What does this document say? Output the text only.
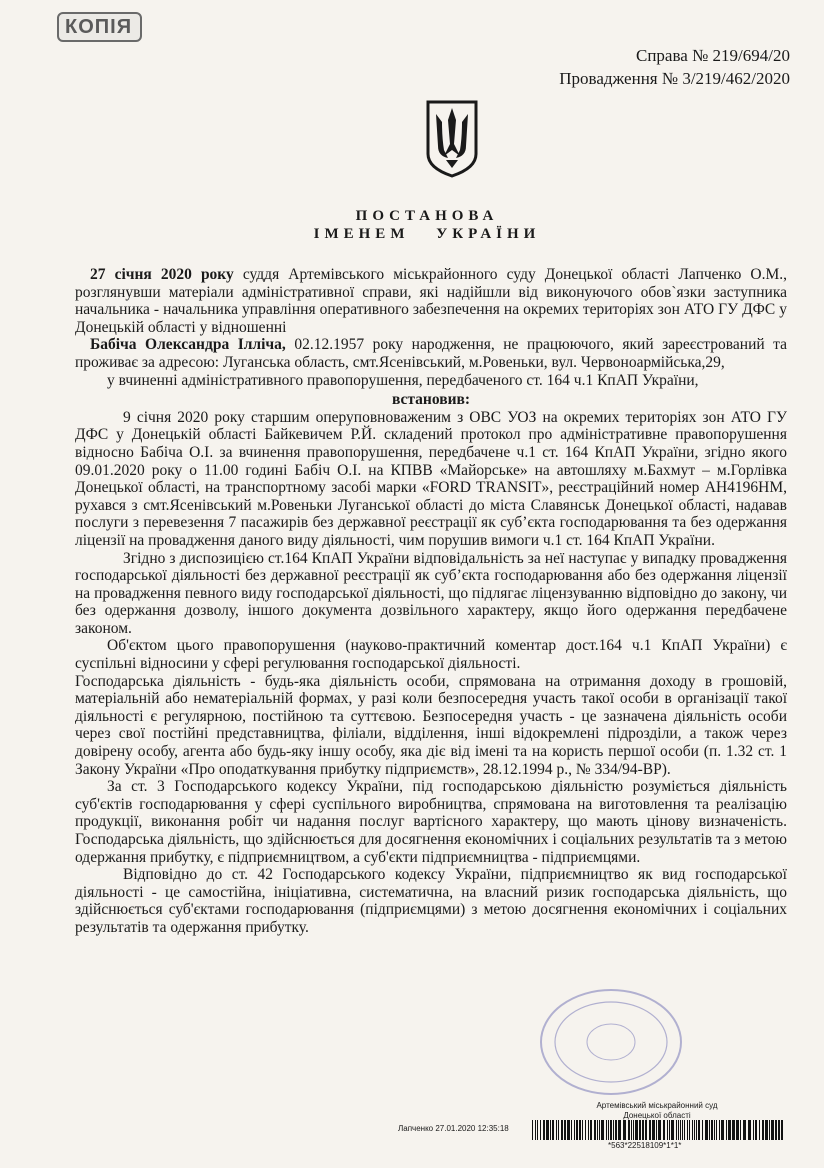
КОПІЯ
Справа № 219/694/20
Провадження № 3/219/462/2020
ПОСТАНОВА
ІМЕНЕМ УКРАЇНИ

27 січня 2020 року суддя Артемівського міськрайонного суду Донецької області Лапченко О.М., розглянувши матеріали адміністративної справи, які надійшли від виконуючого обов`язки заступника начальника - начальника управління оперативного забезпечення на окремих територіях зон АТО ГУ ДФС у Донецькій області у відношенні

Бабіча Олександра Ілліча, 02.12.1957 року народження, не працюючого, який зареєстрований та проживає за адресою: Луганська область, смт.Ясенівський, м.Ровеньки, вул. Червоноармійська,29,

у вчиненні адміністративного правопорушення, передбаченого ст. 164 ч.1 КпАП України,

встановив:

9 січня 2020 року старшим оперуповноваженим з ОВС УОЗ на окремих територіях зон АТО ГУ ДФС у Донецькій області Байкевичем Р.Й. складений протокол про адміністративне правопорушення відносно Бабіча О.І. за вчинення правопорушення, передбачене ч.1 ст. 164 КпАП України, згідно якого 09.01.2020 року о 11.00 годині Бабіч О.І. на КПВВ «Майорське» на автошляху м.Бахмут – м.Горлівка Донецької області, на транспортному засобі марки «FORD TRANSIT», реєстраційний номер АН4196НМ, рухався з смт.Ясенівський м.Ровеньки Луганської області до міста Славянськ Донецької області, надавав послуги з перевезення 7 пасажирів без державної реєстрації як суб’єкта господарювання та без одержання ліцензії на провадження даного виду діяльності, чим порушив вимоги ч.1 ст. 164 КпАП України.

Згідно з диспозицією ст.164 КпАП України відповідальність за неї наступає у випадку провадження господарської діяльності без державної реєстрації як суб’єкта господарювання або без одержання ліцензії на провадження певного виду господарської діяльності, що підлягає ліцензуванню відповідно до закону, чи без одержання дозволу, іншого документа дозвільного характеру, якщо його одержання передбачене законом.

Об'єктом цього правопорушення (науково-практичний коментар дост.164 ч.1 КпАП України) є суспільні відносини у сфері регулювання господарської діяльності.

Господарська діяльність - будь-яка діяльність особи, спрямована на отримання доходу в грошовій, матеріальній або нематеріальній формах, у разі коли безпосередня участь такої особи в організації такої діяльності є регулярною, постійною та суттєвою. Безпосередня участь - це зазначена діяльність особи через свої постійні представництва, філіали, відділення, інші відокремлені підрозділи, а також через довірену особу, агента або будь-яку іншу особу, яка діє від імені та на користь першої особи (п. 1.32 ст. 1 Закону України «Про оподаткування прибутку підприємств», 28.12.1994 р., № 334/94-ВР).

За ст. 3 Господарського кодексу України, під господарською діяльністю розуміється діяльність суб'єктів господарювання у сфері суспільного виробництва, спрямована на виготовлення та реалізацію продукції, виконання робіт чи надання послуг вартісного характеру, що мають цінову визначеність. Господарська діяльність, що здійснюється для досягнення економічних і соціальних результатів та з метою одержання прибутку, є підприємництвом, а суб'єкти підприємництва - підприємцями.

Відповідно до ст. 42 Господарського кодексу України, підприємництво як вид господарської діяльності - це самостійна, ініціативна, систематична, на власний ризик господарська діяльність, що здійснюється суб'єктами господарювання (підприємцями) з метою досягнення економічних і соціальних результатів та одержання прибутку.

Артемівський міськрайонний суд
Донецької області
Лапченко 27.01.2020 12:35:18
*563*22518109*1*1*
